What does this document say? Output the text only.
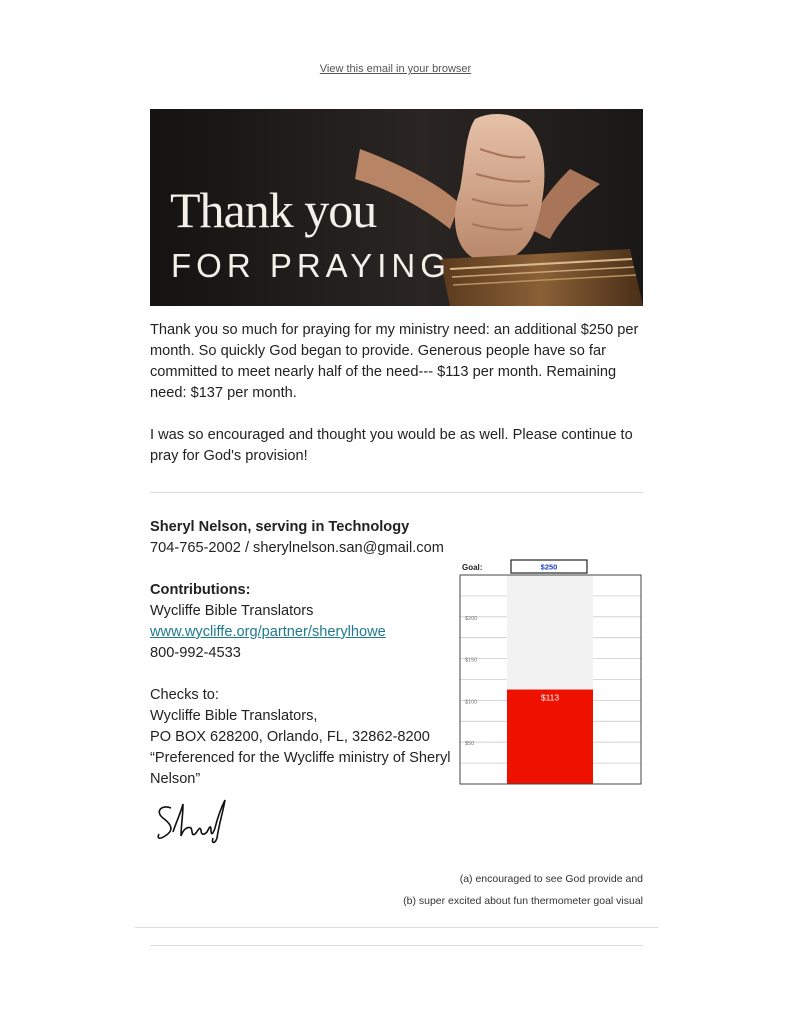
View this email in your browser
Thank you
FOR PRAYING

Thank you so much for praying for my ministry need: an additional $250 per month. So quickly God began to provide. Generous people have so far committed to meet nearly half of the need--- $113 per month. Remaining need: $137 per month.

I was so encouraged and thought you would be as well. Please continue to pray for God's provision!

Sheryl Nelson, serving in Technology
704-765-2002 / sherylnelson.san@gmail.com
Contributions:
Wycliffe Bible Translators
www.wycliffe.org/partner/sherylhowe
800-992-4533
Checks to:
Wycliffe Bible Translators,
PO BOX 628200, Orlando, FL, 32862-8200
“Preferenced for the Wycliffe ministry of Sheryl
Nelson”
Goal:	$250
$113
$200
$150
$100
$50
(a) encouraged to see God provide and
(b) super excited about fun thermometer goal visual
